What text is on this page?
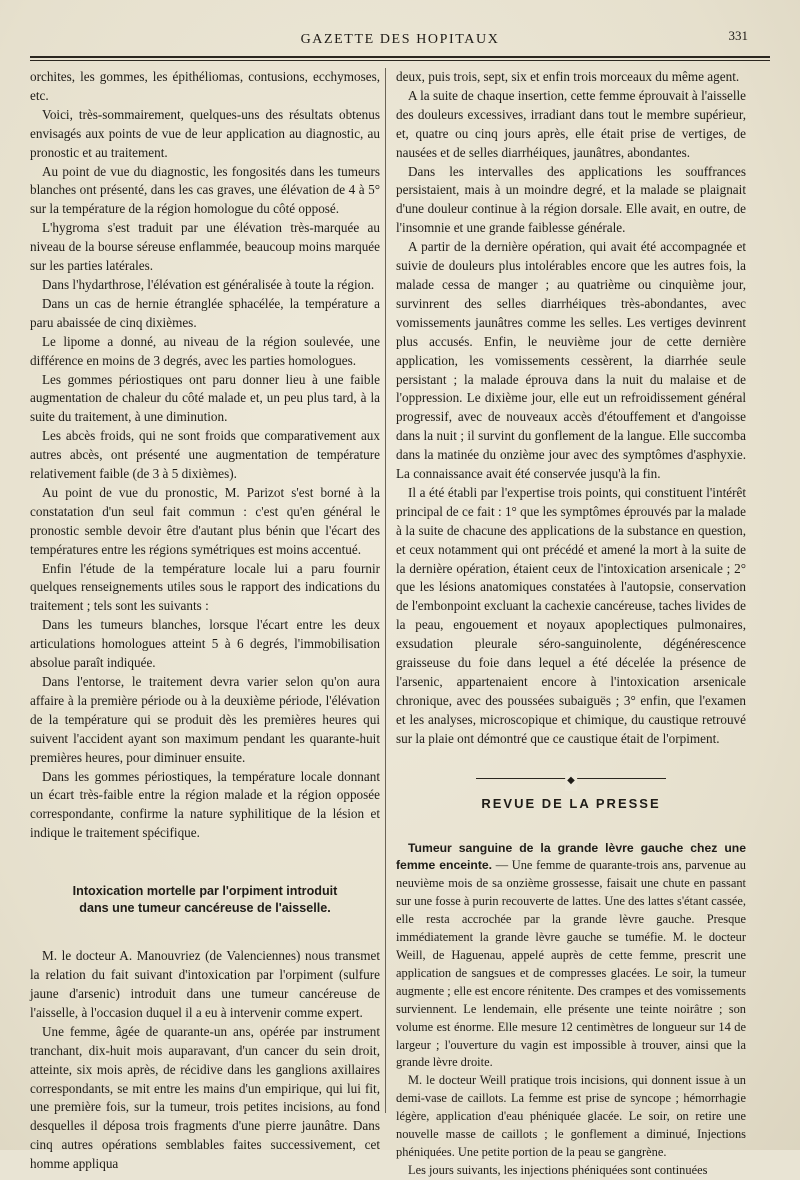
GAZETTE DES HOPITAUX	331

orchites, les gommes, les épithéliomas, contusions, ecchymoses, etc.

Voici, très-sommairement, quelques-uns des résultats obtenus envisagés aux points de vue de leur application au diagnostic, au pronostic et au traitement.

Au point de vue du diagnostic, les fongosités dans les tumeurs blanches ont présenté, dans les cas graves, une élévation de 4 à 5° sur la température de la région homologue du côté opposé.

L'hygroma s'est traduit par une élévation très-marquée au niveau de la bourse séreuse enflammée, beaucoup moins marquée sur les parties latérales.

Dans l'hydarthrose, l'élévation est généralisée à toute la région.

Dans un cas de hernie étranglée sphacélée, la température a paru abaissée de cinq dixièmes.

Le lipome a donné, au niveau de la région soulevée, une différence en moins de 3 degrés, avec les parties homologues.

Les gommes périostiques ont paru donner lieu à une faible augmentation de chaleur du côté malade et, un peu plus tard, à la suite du traitement, à une diminution.

Les abcès froids, qui ne sont froids que comparativement aux autres abcès, ont présenté une augmentation de température relativement faible (de 3 à 5 dixièmes).

Au point de vue du pronostic, M. Parizot s'est borné à la constatation d'un seul fait commun : c'est qu'en général le pronostic semble devoir être d'autant plus bénin que l'écart des températures entre les régions symétriques est moins accentué.

Enfin l'étude de la température locale lui a paru fournir quelques renseignements utiles sous le rapport des indications du traitement ; tels sont les suivants :

Dans les tumeurs blanches, lorsque l'écart entre les deux articulations homologues atteint 5 à 6 degrés, l'immobilisation absolue paraît indiquée.

Dans l'entorse, le traitement devra varier selon qu'on aura affaire à la première période ou à la deuxième période, l'élévation de la température qui se produit dès les premières heures qui suivent l'accident ayant son maximum pendant les quarante-huit premières heures, pour diminuer ensuite.

Dans les gommes périostiques, la température locale donnant un écart très-faible entre la région malade et la région opposée correspondante, confirme la nature syphilitique de la lésion et indique le traitement spécifique.

Intoxication mortelle par l'orpiment introduit
dans une tumeur cancéreuse de l'aisselle.

M. le docteur A. Manouvriez (de Valenciennes) nous transmet la relation du fait suivant d'intoxication par l'orpiment (sulfure jaune d'arsenic) introduit dans une tumeur cancéreuse de l'aisselle, à l'occasion duquel il a eu à intervenir comme expert.

Une femme, âgée de quarante-un ans, opérée par instrument tranchant, dix-huit mois auparavant, d'un cancer du sein droit, atteinte, six mois après, de récidive dans les ganglions axillaires correspondants, se mit entre les mains d'un empirique, qui lui fit, une première fois, sur la tumeur, trois petites incisions, au fond desquelles il déposa trois fragments d'une pierre jaunâtre. Dans cinq autres opérations semblables faites successivement, cet homme appliqua

deux, puis trois, sept, six et enfin trois morceaux du même agent.

A la suite de chaque insertion, cette femme éprouvait à l'aisselle des douleurs excessives, irradiant dans tout le membre supérieur, et, quatre ou cinq jours après, elle était prise de vertiges, de nausées et de selles diarrhéiques, jaunâtres, abondantes.

Dans les intervalles des applications les souffrances persistaient, mais à un moindre degré, et la malade se plaignait d'une douleur continue à la région dorsale. Elle avait, en outre, de l'insomnie et une grande faiblesse générale.

A partir de la dernière opération, qui avait été accompagnée et suivie de douleurs plus intolérables encore que les autres fois, la malade cessa de manger ; au quatrième ou cinquième jour, survinrent des selles diarrhéiques très-abondantes, avec vomissements jaunâtres comme les selles. Les vertiges devinrent plus accusés. Enfin, le neuvième jour de cette dernière application, les vomissements cessèrent, la diarrhée seule persistant ; la malade éprouva dans la nuit du malaise et de l'oppression. Le dixième jour, elle eut un refroidissement général progressif, avec de nouveaux accès d'étouffement et d'angoisse dans la nuit ; il survint du gonflement de la langue. Elle succomba dans la matinée du onzième jour avec des symptômes d'asphyxie. La connaissance avait été conservée jusqu'à la fin.

Il a été établi par l'expertise trois points, qui constituent l'intérêt principal de ce fait : 1° que les symptômes éprouvés par la malade à la suite de chacune des applications de la substance en question, et ceux notamment qui ont précédé et amené la mort à la suite de la dernière opération, étaient ceux de l'intoxication arsenicale ; 2° que les lésions anatomiques constatées à l'autopsie, conservation de l'embonpoint excluant la cachexie cancéreuse, taches livides de la peau, engouement et noyaux apoplectiques pulmonaires, exsudation pleurale séro-sanguinolente, dégénérescence graisseuse du foie dans lequel a été décelée la présence de l'arsenic, appartenaient encore à l'intoxication arsenicale chronique, avec des poussées subaiguës ; 3° enfin, que l'examen et les analyses, microscopique et chimique, du caustique retrouvé sur la plaie ont démontré que ce caustique était de l'orpiment.

◆
REVUE DE LA PRESSE

Tumeur sanguine de la grande lèvre gauche chez une femme enceinte. — Une femme de quarante-trois ans, parvenue au neuvième mois de sa onzième grossesse, faisait une chute en passant sur une fosse à purin recouverte de lattes. Une des lattes s'étant cassée, elle resta accrochée par la grande lèvre gauche. Presque immédiatement la grande lèvre gauche se tuméfie. M. le docteur Weill, de Haguenau, appelé auprès de cette femme, prescrit une application de sangsues et de compresses glacées. Le soir, la tumeur augmente ; elle est encore rénitente. Des crampes et des vomissements surviennent. Le lendemain, elle présente une teinte noirâtre ; son volume est énorme. Elle mesure 12 centimètres de longueur sur 14 de largeur ; l'ouverture du vagin est impossible à trouver, ainsi que la grande lèvre droite.

M. le docteur Weill pratique trois incisions, qui donnent issue à un demi-vase de caillots. La femme est prise de syncope ; hémorrhagie légère, application d'eau phéniquée glacée. Le soir, on retire une nouvelle masse de caillots ; le gonflement a diminué, Injections phéniquées. Une petite portion de la peau se gangrène.

Les jours suivants, les injections phéniquées sont continuées
